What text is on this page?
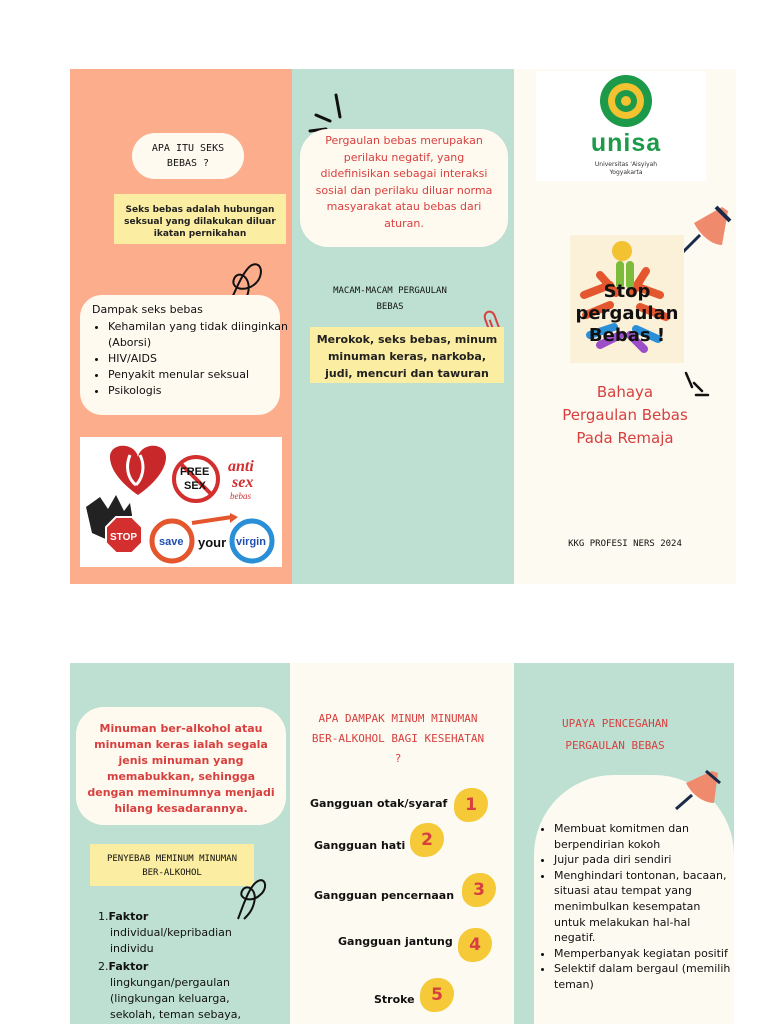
APA ITU SEKS BEBAS ?
Seks bebas adalah hubungan seksual yang dilakukan diluar ikatan pernikahan
Dampak seks bebas
• Kehamilan yang tidak diinginkan (Aborsi)
• HIV/AIDS
• Penyakit menular seksual
• Psikologis
FREE
SEX
anti
sex
bebas
STOP save your virgin
Pergaulan bebas merupakan perilaku negatif, yang didefinisikan sebagai interaksi sosial dan perilaku diluar norma masyarakat atau bebas dari aturan.
MACAM-MACAM PERGAULAN BEBAS
Merokok, seks bebas, minum minuman keras, narkoba, judi, mencuri dan tawuran
unisa
Universitas 'Aisyiyah
Yogyakarta
Stop
pergaulan
Bebas !
Bahaya
Pergaulan Bebas
Pada Remaja
KKG PROFESI NERS 2024
Minuman ber-alkohol atau minuman keras ialah segala jenis minuman yang memabukkan, sehingga dengan meminumnya menjadi hilang kesadarannya.
PENYEBAB MEMINUM MINUMAN BER-ALKOHOL
1.Faktor
individual/kepribadian individu
2.Faktor
lingkungan/pergaulan (lingkungan keluarga, sekolah, teman sebaya,
APA DAMPAK MINUM MINUMAN BER-ALKOHOL BAGI KESEHATAN ?
Gangguan otak/syaraf	1
Gangguan hati 2
Gangguan pencernaan	3
Gangguan jantung 4
Stroke 5
UPAYA PENCEGAHAN PERGAULAN BEBAS
• Membuat komitmen dan berpendirian kokoh
• Jujur pada diri sendiri
• Menghindari tontonan, bacaan, situasi atau tempat yang menimbulkan kesempatan untuk melakukan hal-hal negatif.
• Memperbanyak kegiatan positif
• Selektif dalam bergaul (memilih teman)
